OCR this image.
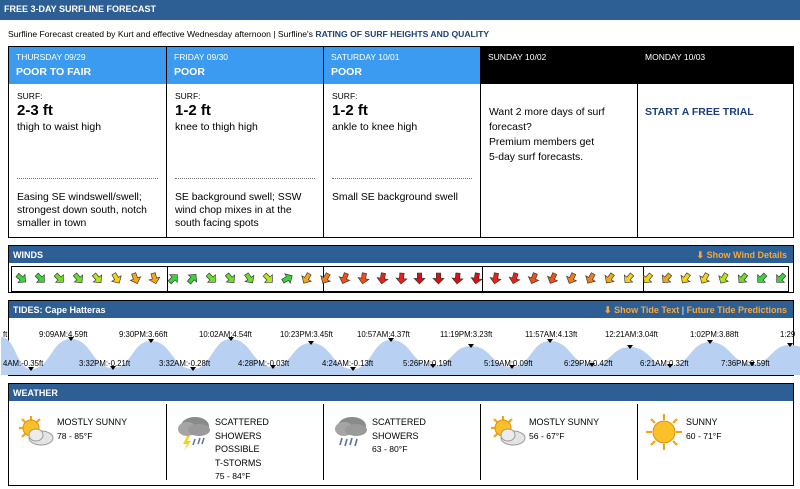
FREE 3-DAY SURFLINE FORECAST
Surfline Forecast created by Kurt and effective Wednesday afternoon | Surfline's RATING OF SURF HEIGHTS AND QUALITY
THURSDAY 09/29
POOR TO FAIR
SURF:
2-3 ft
thigh to waist high
Easing SE windswell/swell; strongest down south, notch smaller in town
FRIDAY 09/30
POOR
SURF:
1-2 ft
knee to thigh high
SE background swell; SSW wind chop mixes in at the south facing spots
SATURDAY 10/01
POOR
SURF:
1-2 ft
ankle to knee high
Small SE background swell
SUNDAY 10/02
Want 2 more days of surf
forecast?
Premium members get
5-day surf forecasts.
MONDAY 10/03
START A FREE TRIAL
WINDS	⬇ Show Wind Details
TIDES: Cape Hatteras	⬇ Show Tide Text | Future Tide Predictions
ft	9:09AM:4.59ft	9:30PM:3.66ft	10:02AM:4.54ft	10:23PM:3.45ft	10:57AM:4.37ft	11:19PM:3.23ft	11:57AM:4.13ft	12:21AM:3.04ft	1:02PM:3.88ft	1:29
4AM:-0.35ft	3:32PM:-0.21ft	3:32AM:-0.28ft	4:28PM:-0.03ft	4:24AM:-0.13ft	5:26PM:0.19ft	5:19AM:0.09ft	6:29PM:0.42ft	6:21AM:0.32ft	7:36PM:0.59ft
WEATHER
MOSTLY SUNNY
78 - 85°F
SCATTERED
SHOWERS
POSSIBLE
T-STORMS
75 - 84°F
SCATTERED
SHOWERS
63 - 80°F
MOSTLY SUNNY
56 - 67°F
SUNNY
60 - 71°F
